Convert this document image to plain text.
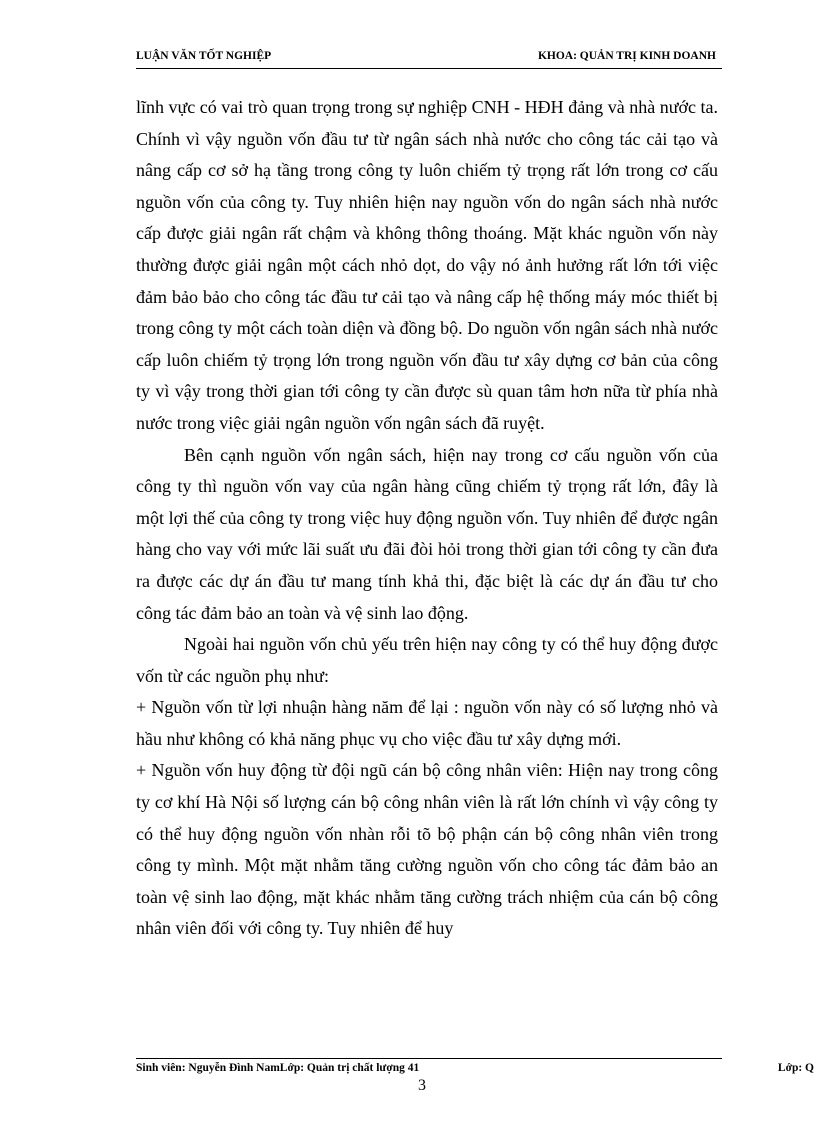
LUẬN VĂN TỐT NGHIỆP	KHOA: QUẢN TRỊ KINH DOANH

lĩnh vực có vai trò quan trọng trong sự nghiệp CNH - HĐH đảng và nhà nước ta. Chính vì vậy nguồn vốn đầu tư từ ngân sách nhà nước cho công tác cải tạo và nâng cấp cơ sở hạ tầng trong công ty luôn chiếm tỷ trọng rất lớn trong cơ cấu nguồn vốn của công ty. Tuy nhiên hiện nay nguồn vốn do ngân sách nhà nước cấp được giải ngân rất chậm và không thông thoáng. Mặt khác nguồn vốn này thường được giải ngân một cách nhỏ dọt, do vậy nó ảnh hưởng rất lớn tới việc đảm bảo bảo cho công tác đầu tư cải tạo và nâng cấp hệ thống máy móc thiết bị trong công ty một cách toàn diện và đồng bộ. Do nguồn vốn ngân sách nhà nước cấp luôn chiếm tỷ trọng lớn trong nguồn vốn đầu tư xây dựng cơ bản của công ty vì vậy trong thời gian tới công ty cần được sù quan tâm hơn nữa từ phía nhà nước trong việc giải ngân nguồn vốn ngân sách đã ruyệt.

Bên cạnh nguồn vốn ngân sách, hiện nay trong cơ cấu nguồn vốn của công ty thì nguồn vốn vay của ngân hàng cũng chiếm tỷ trọng rất lớn, đây là một lợi thế của công ty trong việc huy động nguồn vốn. Tuy nhiên để được ngân hàng cho vay với mức lãi suất ưu đãi đòi hỏi trong thời gian tới công ty cần đưa ra được các dự án đầu tư mang tính khả thi, đặc biệt là các dự án đầu tư cho công tác đảm bảo an toàn và vệ sinh lao động.

Ngoài hai nguồn vốn chủ yếu trên hiện nay công ty có thể huy động được vốn từ các nguồn phụ như:

+ Nguồn vốn từ lợi nhuận hàng năm để lại : nguồn vốn này có số lượng nhỏ và hầu như không có khả năng phục vụ cho việc đầu tư xây dựng mới.

+ Nguồn vốn huy động từ đội ngũ cán bộ công nhân viên: Hiện nay trong công ty cơ khí Hà Nội số lượng cán bộ công nhân viên là rất lớn chính vì vậy công ty có thể huy động nguồn vốn nhàn rỗi tõ bộ phận cán bộ công nhân viên trong công ty mình. Một mặt nhằm tăng cường nguồn vốn cho công tác đảm bảo an toàn vệ sinh lao động, mặt khác nhằm tăng cường trách nhiệm của cán bộ công nhân viên đối với công ty. Tuy nhiên để huy

Sinh viên: Nguyễn Đình NamLớp: Quản trị chất lượng 41	Lớp: Q
3
